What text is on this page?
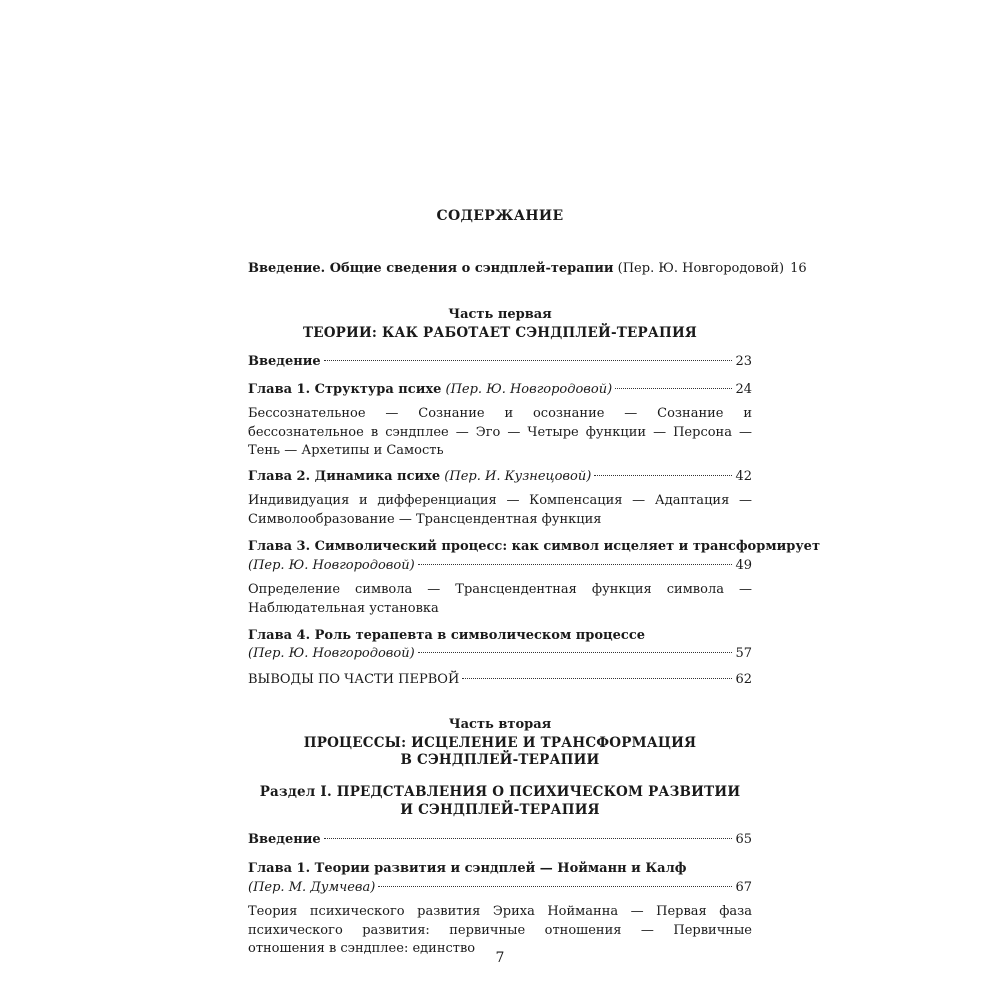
СОДЕРЖАНИЕ
Введение. Общие сведения о сэндплей-терапии (Пер. Ю. Новгородовой) 16
Часть первая
ТЕОРИИ: КАК РАБОТАЕТ СЭНДПЛЕЙ-ТЕРАПИЯ
Введение	23
Глава 1. Структура психе (Пер. Ю. Новгородовой)	24
Бессознательное — Сознание и осознание — Сознание и бессознательное в сэндплее — Эго — Четыре функции — Персона — Тень — Архетипы и Самость
Глава 2. Динамика психе (Пер. И. Кузнецовой)	42
Индивидуация и дифференциация — Компенсация — Адаптация — Символообразование — Трансцендентная функция
Глава 3. Символический процесс: как символ исцеляет и трансформирует
(Пер. Ю. Новгородовой)	49
Определение символа — Трансцендентная функция символа — Наблюдательная установка
Глава 4. Роль терапевта в символическом процессе
(Пер. Ю. Новгородовой)	57
ВЫВОДЫ ПО ЧАСТИ ПЕРВОЙ	62
Часть вторая
ПРОЦЕССЫ: ИСЦЕЛЕНИЕ И ТРАНСФОРМАЦИЯ
В СЭНДПЛЕЙ-ТЕРАПИИ
Раздел I. ПРЕДСТАВЛЕНИЯ О ПСИХИЧЕСКОМ РАЗВИТИИ
И СЭНДПЛЕЙ-ТЕРАПИЯ
Введение	65
Глава 1. Теории развития и сэндплей — Нойманн и Калф
(Пер. М. Думчева)	67
Теория психического развития Эриха Нойманна — Первая фаза психического развития: первичные отношения — Первичные отношения в сэндплее: единство
7
